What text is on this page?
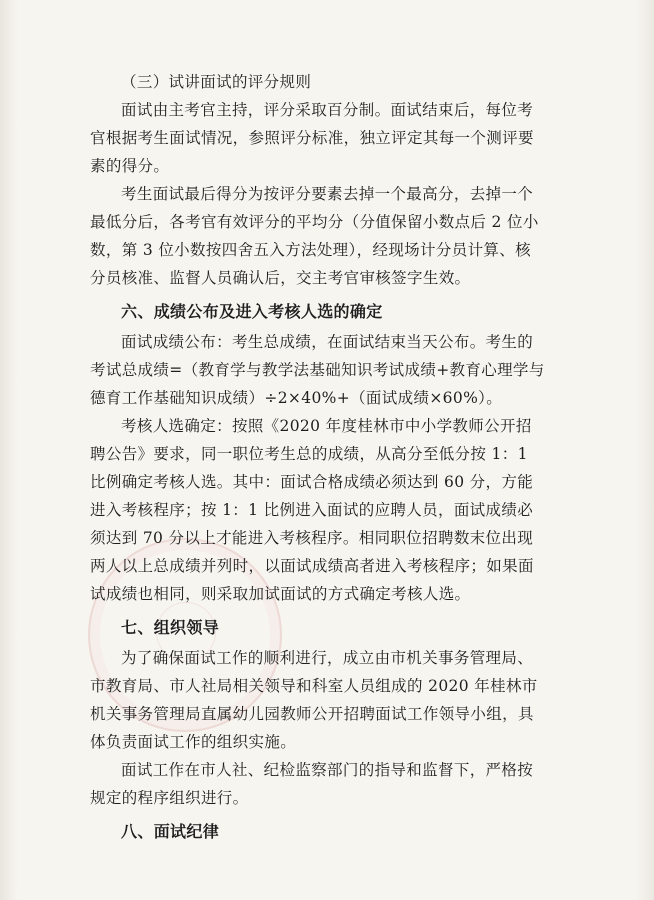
（三）试讲面试的评分规则
面试由主考官主持，评分采取百分制。面试结束后，每位考
官根据考生面试情况，参照评分标准，独立评定其每一个测评要
素的得分。
考生面试最后得分为按评分要素去掉一个最高分，去掉一个
最低分后，各考官有效评分的平均分（分值保留小数点后 2 位小
数，第 3 位小数按四舍五入方法处理），经现场计分员计算、核
分员核准、监督人员确认后，交主考官审核签字生效。
六、成绩公布及进入考核人选的确定
面试成绩公布：考生总成绩，在面试结束当天公布。考生的
考试总成绩=（教育学与教学法基础知识考试成绩+教育心理学与
德育工作基础知识成绩）÷2×40%+（面试成绩×60%）。
考核人选确定：按照《2020 年度桂林市中小学教师公开招
聘公告》要求，同一职位考生总的成绩，从高分至低分按 1：1
比例确定考核人选。其中：面试合格成绩必须达到 60 分，方能
进入考核程序；按 1：1 比例进入面试的应聘人员，面试成绩必
须达到 70 分以上才能进入考核程序。相同职位招聘数末位出现
两人以上总成绩并列时，以面试成绩高者进入考核程序；如果面
试成绩也相同，则采取加试面试的方式确定考核人选。
七、组织领导
为了确保面试工作的顺利进行，成立由市机关事务管理局、
市教育局、市人社局相关领导和科室人员组成的 2020 年桂林市
机关事务管理局直属幼儿园教师公开招聘面试工作领导小组，具
体负责面试工作的组织实施。
面试工作在市人社、纪检监察部门的指导和监督下，严格按
规定的程序组织进行。
八、面试纪律
